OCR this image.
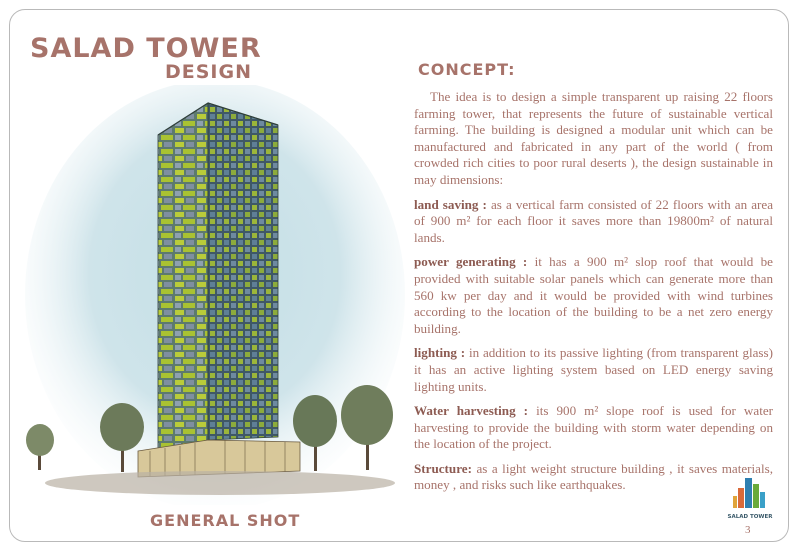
SALAD TOWER
DESIGN
GENERAL SHOT
CONCEPT:

The idea is to design a simple transparent up raising 22 floors farming tower, that represents the future of sustainable vertical farming. The building is designed a modular unit which can be manufactured and fabricated in any part of the world ( from crowded rich cities to poor rural deserts ), the design sustainable in may dimensions:

land saving : as a vertical farm consisted of 22 floors with an area of 900 m² for each floor it saves more than 19800m² of natural lands.

power generating : it has a 900 m² slop roof that would be provided with suitable solar panels which can generate more than 560 kw per day and it would be provided with wind turbines according to the location of the building to be a net zero energy building.

lighting : in addition to its passive lighting (from transparent glass) it has an active lighting system based on LED energy saving lighting units.

Water harvesting : its 900 m² slope roof is used for water harvesting to provide the building with storm water depending on the location of the project.

Structure: as a light weight structure building , it saves materials, money , and risks such like earthquakes.

SALAD TOWER
3
